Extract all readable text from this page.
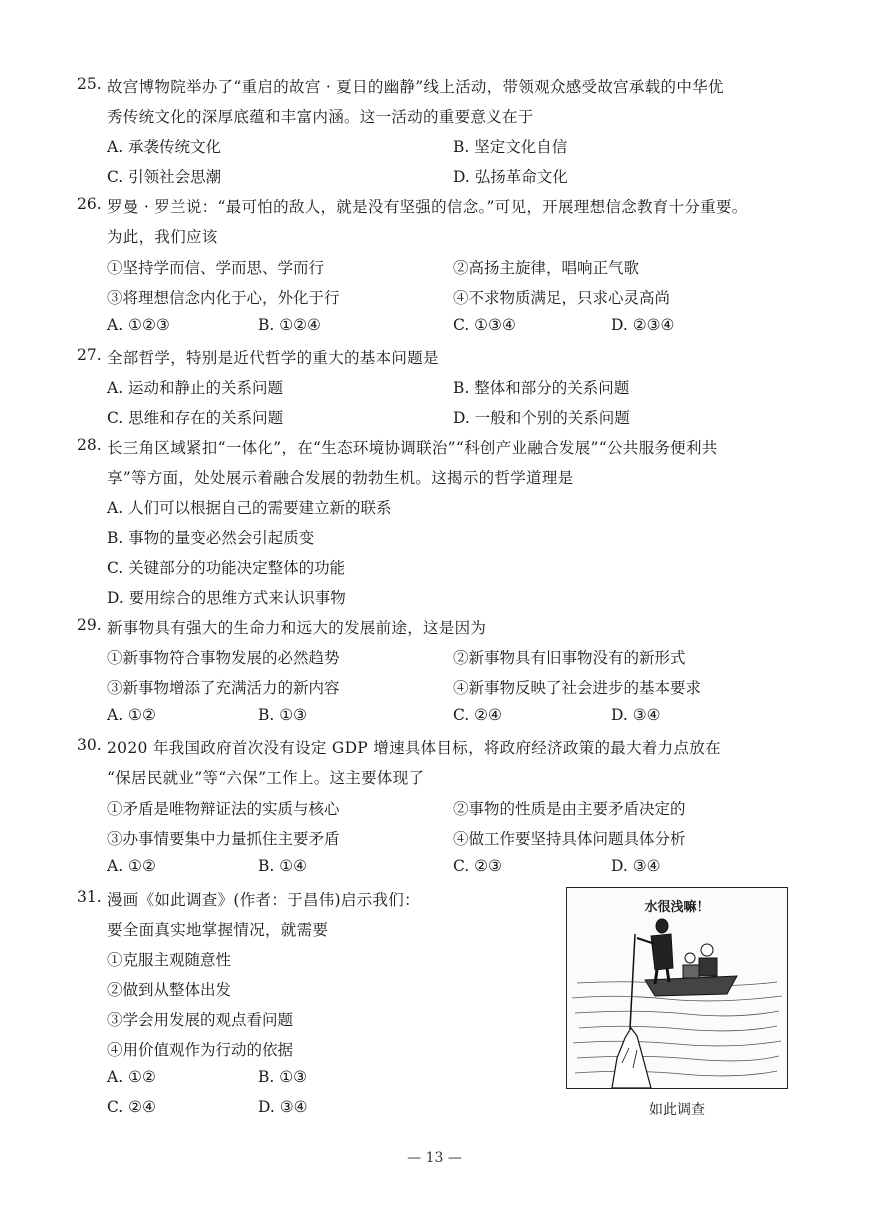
25. 故宫博物院举办了“重启的故宫 · 夏日的幽静”线上活动，带领观众感受故宫承载的中华优
秀传统文化的深厚底蕴和丰富内涵。这一活动的重要意义在于
A. 承袭传统文化	B. 坚定文化自信
C. 引领社会思潮	D. 弘扬革命文化
26. 罗曼 · 罗兰说：“最可怕的敌人，就是没有坚强的信念。”可见，开展理想信念教育十分重要。
为此，我们应该
①坚持学而信、学而思、学而行	②高扬主旋律，唱响正气歌
③将理想信念内化于心，外化于行	④不求物质满足，只求心灵高尚
A. ①②③	B. ①②④	C. ①③④	D. ②③④
27. 全部哲学，特别是近代哲学的重大的基本问题是
A. 运动和静止的关系问题	B. 整体和部分的关系问题
C. 思维和存在的关系问题	D. 一般和个别的关系问题
28. 长三角区域紧扣“一体化”，在“生态环境协调联治”“科创产业融合发展”“公共服务便利共
享”等方面，处处展示着融合发展的勃勃生机。这揭示的哲学道理是
A. 人们可以根据自己的需要建立新的联系
B. 事物的量变必然会引起质变
C. 关键部分的功能决定整体的功能
D. 要用综合的思维方式来认识事物
29. 新事物具有强大的生命力和远大的发展前途，这是因为
①新事物符合事物发展的必然趋势	②新事物具有旧事物没有的新形式
③新事物增添了充满活力的新内容	④新事物反映了社会进步的基本要求
A. ①②	B. ①③	C. ②④	D. ③④
30. 2020 年我国政府首次没有设定 GDP 增速具体目标，将政府经济政策的最大着力点放在
“保居民就业”等“六保”工作上。这主要体现了
①矛盾是唯物辩证法的实质与核心	②事物的性质是由主要矛盾决定的
③办事情要集中力量抓住主要矛盾	④做工作要坚持具体问题具体分析
A. ①②	B. ①④	C. ②③	D. ③④
31. 漫画《如此调查》(作者：于昌伟)启示我们：
要全面真实地掌握情况，就需要
①克服主观随意性
②做到从整体出发
③学会用发展的观点看问题
④用价值观作为行动的依据
A. ①②	B. ①③
C. ②④	D. ③④
水很浅嘛！
如此调查
— 13 —
